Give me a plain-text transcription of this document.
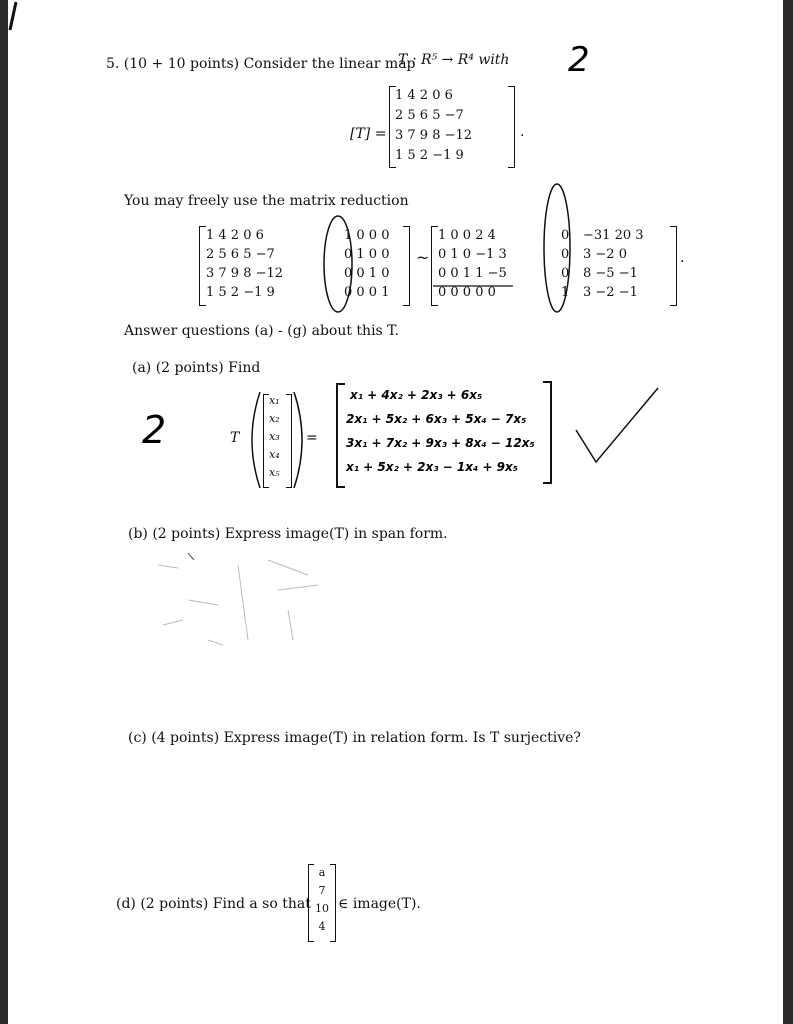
5. (10 + 10 points) Consider the linear map
T : R⁵ → R⁴ with 2
[T] =
1 4 2 0 6
2 5 6 5 −7
3 7 9 8 −12
1 5 2 −1 9
.
You may freely use the matrix reduction
1 4 2 0 6
2 5 6 5 −7
3 7 9 8 −12
1 5 2 −1 9
1 0 0 0
0 1 0 0
0 0 1 0
0 0 0 1
~
1 0 0 2 4
0 1 0 −1 3
0 0 1 1 −5
0 0 0 0 0
0
0
0
1
−31 20 3
3 −2 0
8 −5 −1
3 −2 −1
.
Answer questions (a) - (g) about this T.
(a) (2 points) Find
2	T
x₁
x₂
x₃
x₄
x₅
=
x₁ + 4x₂ + 2x₃ + 6x₅
2x₁ + 5x₂ + 6x₃ + 5x₄ − 7x₅
3x₁ + 7x₂ + 9x₃ + 8x₄ − 12x₅
x₁ + 5x₂ + 2x₃ − 1x₄ + 9x₅
(b) (2 points) Express image(T) in span form.
(c) (4 points) Express image(T) in relation form. Is T surjective?
(d) (2 points) Find a so that
a
7
10
4
∈ image(T).
